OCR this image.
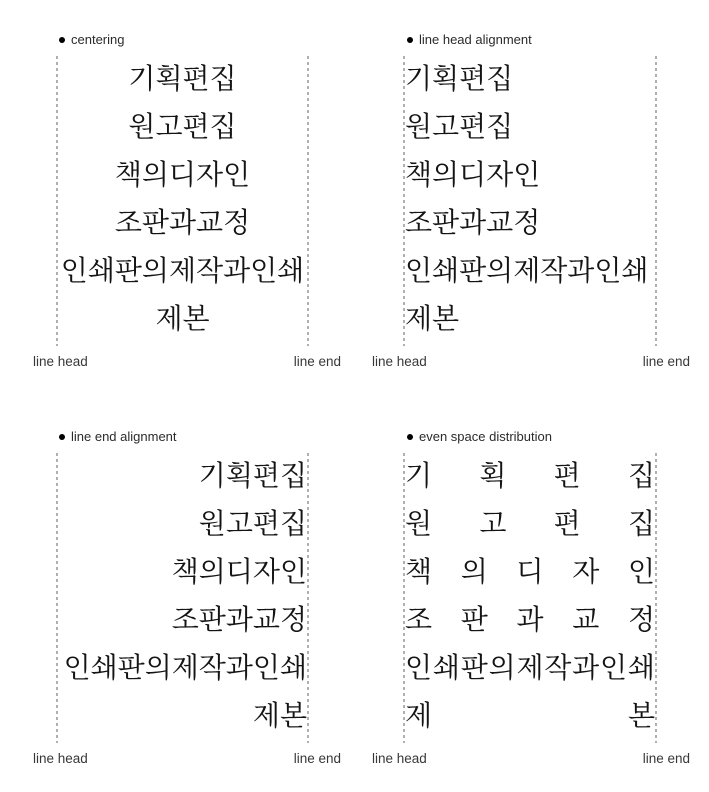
centering
기획편집
원고편집
책의디자인
조판과교정
인쇄판의제작과인쇄
제본
line head	line end
line head alignment
기획편집
원고편집
책의디자인
조판과교정
인쇄판의제작과인쇄
제본
line head	line end
line end alignment
기획편집
원고편집
책의디자인
조판과교정
인쇄판의제작과인쇄
제본
line head	line end
even space distribution
기 획 편 집
원 고 편 집
책 의 디 자 인
조 판 과 교 정
인 쇄 판 의 제 작 과 인 쇄
제	본
line head	line end
